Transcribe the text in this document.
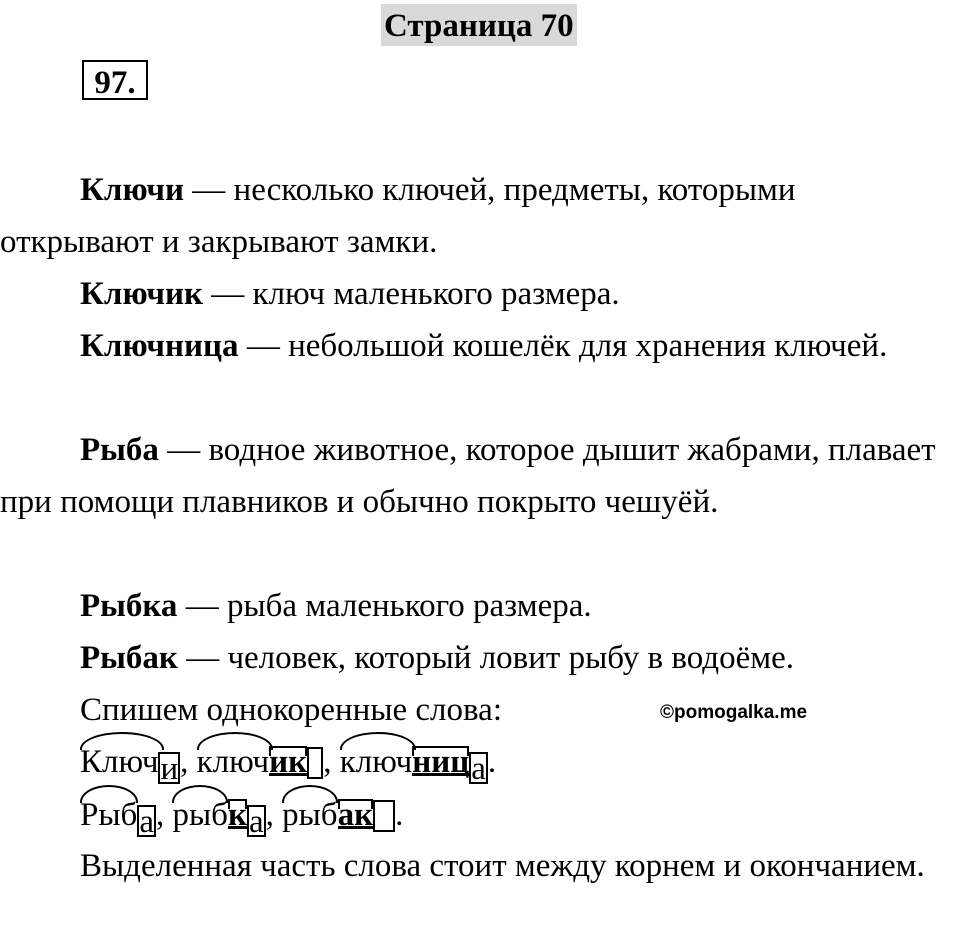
Страница 70
97.

Ключи — несколько ключей, предметы, которыми открывают и закрывают замки.

Ключик — ключ маленького размера.

Ключница — небольшой кошелёк для хранения ключей.

Рыба — водное животное, которое дышит жабрами, плавает при помощи плавников и обычно покрыто чешуёй.

Рыбка — рыба маленького размера.

Рыбак — человек, который ловит рыбу в водоёме.

Спишем однокоренные слова:	©pomogalka.me
Ключи,
ключик ,
ключниц
а.
Рыба,
рыбк
а,
рыбак .

Выделенная часть слова стоит между корнем и окончанием.
